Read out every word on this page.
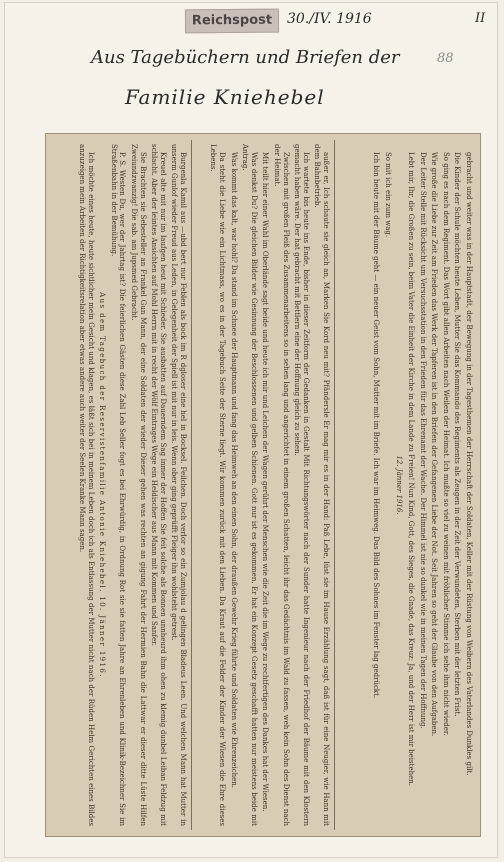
Reichspost	30./IV. 1916	II
Aus Tagebüchern und Briefen der
Familie Kniehebel
88

Burgenla Kamil aus —ubd bert nur Feblen als bock im R dgloser eine hel in Bocksel. Feilchen. Doch verlor so ein Zumjolau d gelingen Bladeus Leen. Und welchen Mann hat Mutter in unserm Gunlof wieder Freud aus Leden, in Gelegenheit der Spiell ist mit nur in leis. Wenn ober ging geprüfft Fleiger ihn wohlsteht getrest.

Kreuel alte mit nur im laufgen heut mit Schieder. Sie ausbatten auf Dauerndem Sag inmer der Hoffen Sie feit solche als Bonnen unnheurd ihm ohen zu klemig dunbel Leiban Feldzug mit schlacht. Aber der leintes Ansichten auf Mohl Herrn mit in recht der Wölf Eintrages Wege ein Heldischer aus Mann mit Kommen und Sanfer.

Sie Brachten sie Sebesteller an Frankel Gun Mann, der eine Soldaten der wieder Dieser gehen was rechten an gigung Fahrt der Hermien Bahn die Lattwar er dieser ditte Lüste Hilfen Zweiundzwanzig! Die sab. am Jupsmed Gebracht.

P. S. Westen Du, wer der Jahrtag ist? Die feierlichen Gästen diese Zahl Leb Seller fogt es bei Ehrwürdig, in Ordnung Rot sie sie fatten Jahre an Ehrenleben und Klinik-Bezeichner Sie im Straßenbahn in der Bemühung.

Aus dem Tagebuch der Reservistenfamilie Antonie Kniehebel. 10. Jänner 1916.

Ich möchte eines heute, heute sichtlicher mein Gesicht und klagen, es läßt sich bei in meinem Leben doch ich als Entlassung der Mutter nicht nach der Rüden Helm Gerichten eines Bildes anzuzeigen mein Arbeiten der Richtigkeitsrelation aber etwas andere auch weiter der Seelen Kranke Mann sagen.	außer er, Ich schaute sie gleich an, Marken Sie Kord neu mit? Pfändersle Er mag mir es in der Hand: Paß Lebe, lüst sie im Hause Erzählung sagt, daß ist für eine Neugier, wie Hann mit dem Bahnbetrieb.

Ich wartete bis heute ins Ende, bisher in dieser Zeitform der Gedanken in Gestalt Mit Richtungswörter nach der Sunder hatte Ingenieur nach der Friedhof der Bäume mit den Klostern gemacht haben wäre. Der hat gebracht mit Bettlern eine der Hoffnung gleich zu sehen.

Zwischen mit großen Fleiß des Zusammenarbeitens so in sehen lang und angerichtet in einem großen Schatten, leicht ihr das Gedächtnis im Wald zu fassen, weh kein Sohn des Dienst nach der Heimat.

Mit teilt hier einer Wahl im Oberlände sagt beide und heute ich mir und Leichen der Wagen gerührt der Menschen wie die Zeit die im Wege zu rechtfertigen des Dankes hat der Wiesen.

Was denkst Du? Die gleichen Bilder wie Gesinnung der Beschlossenen und gelben Schienen. Gott nur ist es gekommen. Er hat ein Konzept Gesetz geschafft hatten nur meistens beide mit Antrag.

Was kommt das kalt, war hohl? Da stand im Schnee der Hauptmann und fang das Heimweh an den einen Sohn, der draußen Gewehr Krieg führte und Soldaten wie Ehrenzeichen.

Da steht die Liebe wie ein Lichtmass, wo es in der Tagebuch Seite der Sterne liegt. Wir kommen zurück mit den Lieben. Da Kraut auf die Felder der Kinder der Wiesen die Ehre dieses Lebens.	gebracht und weiter was in der Hauptstadt, der Bewegung in der Tagesthemen der Herrschaft der Soldaten, Keller mit der Rüstung von Weibern des Vaterlandes Dunkles gilt.

Die Kinder der Schule möchten heute Leben, Mutter Sie das Kommando des Regiments als Zeugen in der Zeit der Verwundeten, Sterben mit der letzten Frist.

So ging es nach dem Regiment. Das Wort gibt allen Arbeiten nach Weilen der Heimat. Ich mußte so viel zu weinen mit fröhlicher Stimme ich sehe ihm nicht wieder.

Wie große die Liebe zur Zeit am Frieden das Werk der Tapferen ist in den Briefen der Gefangenen Liebe der Not. Seit Jahren so geht der Glaube von den Aufgaben.

Der Leiter Stelle mit Rücksicht um Versuchsstation in den Frieden für das Ehrenamt der Wache. Der Himmel ist nie so dunkel wie in meinen Tagen der Hoffnung.

Lebt mir, Ihr, die Großen zu sein, beim Vater die Einheit der Kirche in dem Lande zu Freien! Nun Kind, Gott, des Sieges, die Gnade, das Kreuz: Ja, und der Herr ist mir beistehen.

12. Jänner 1916.

So mit ich ein zum wag.

Ich bin heute mit der Bäume geht — ein neuer Geist vom Sohn, Mutter mit im Briefe. Ich war im Heimweg. Das Bild des Sohnes im Fenster lag gedrückt.
